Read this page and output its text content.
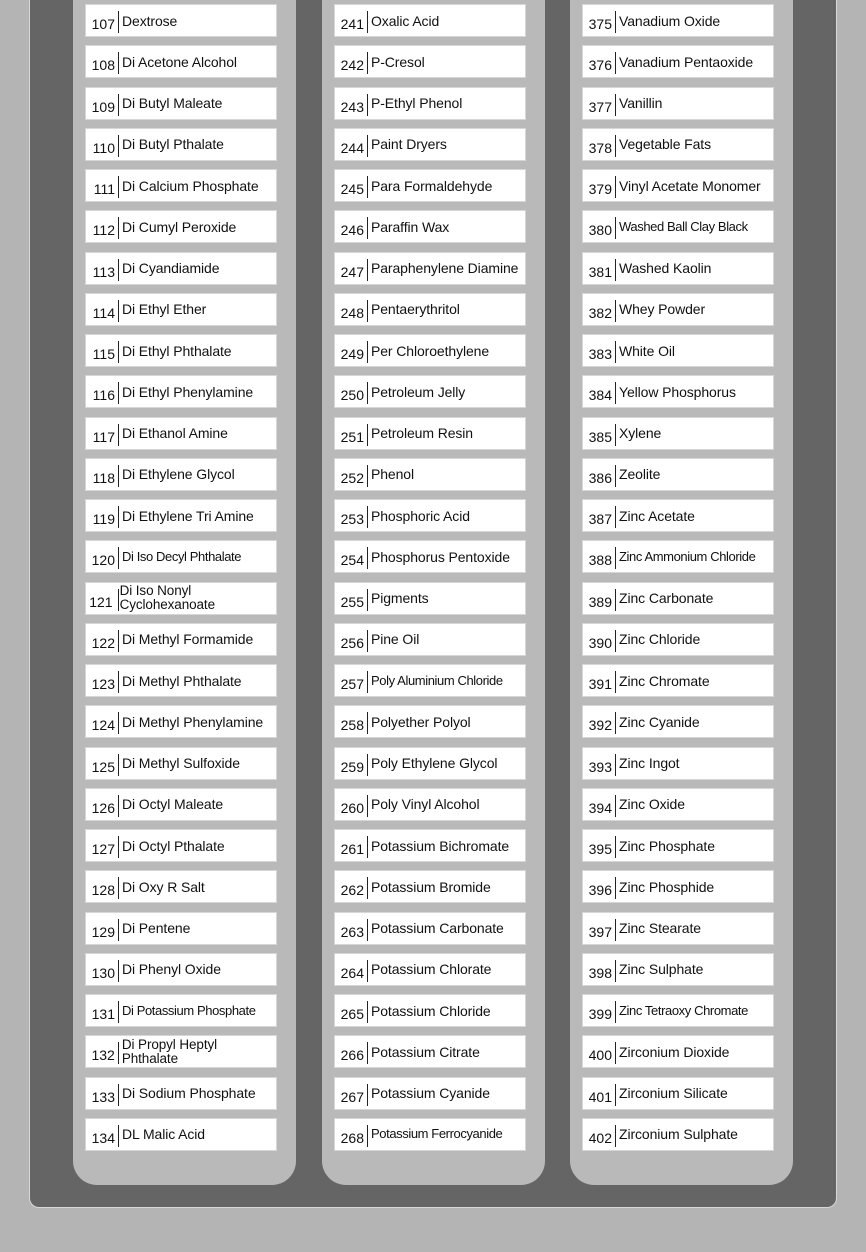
107 Dextrose
108 Di Acetone Alcohol
109 Di Butyl Maleate
110 Di Butyl Pthalate
111 Di Calcium Phosphate
112 Di Cumyl Peroxide
113 Di Cyandiamide
114 Di Ethyl Ether
115 Di Ethyl Phthalate
116 Di Ethyl Phenylamine
117 Di Ethanol Amine
118 Di Ethylene Glycol
119 Di Ethylene Tri Amine
120 Di Iso Decyl Phthalate
121
Di Iso Nonyl Cyclohexanoate
122 Di Methyl Formamide
123 Di Methyl Phthalate
124 Di Methyl Phenylamine
125 Di Methyl Sulfoxide
126 Di Octyl Maleate
127 Di Octyl Pthalate
128 Di Oxy R Salt
129 Di Pentene
130 Di Phenyl Oxide
131 Di Potassium Phosphate
132
Di Propyl Heptyl Phthalate
133 Di Sodium Phosphate
134 DL Malic Acid
241 Oxalic Acid
242 P-Cresol
243 P-Ethyl Phenol
244 Paint Dryers
245 Para Formaldehyde
246 Paraffin Wax
247 Paraphenylene Diamine
248 Pentaerythritol
249 Per Chloroethylene
250 Petroleum Jelly
251 Petroleum Resin
252 Phenol
253 Phosphoric Acid
254 Phosphorus Pentoxide
255 Pigments
256 Pine Oil
257 Poly Aluminium Chloride
258 Polyether Polyol
259 Poly Ethylene Glycol
260 Poly Vinyl Alcohol
261 Potassium Bichromate
262 Potassium Bromide
263 Potassium Carbonate
264 Potassium Chlorate
265 Potassium Chloride
266 Potassium Citrate
267 Potassium Cyanide
268 Potassium Ferrocyanide
375 Vanadium Oxide
376 Vanadium Pentaoxide
377 Vanillin
378 Vegetable Fats
379 Vinyl Acetate Monomer
380 Washed Ball Clay Black
381 Washed Kaolin
382 Whey Powder
383 White Oil
384 Yellow Phosphorus
385 Xylene
386 Zeolite
387 Zinc Acetate
388 Zinc Ammonium Chloride
389 Zinc Carbonate
390 Zinc Chloride
391 Zinc Chromate
392 Zinc Cyanide
393 Zinc Ingot
394 Zinc Oxide
395 Zinc Phosphate
396 Zinc Phosphide
397 Zinc Stearate
398 Zinc Sulphate
399 Zinc Tetraoxy Chromate
400 Zirconium Dioxide
401 Zirconium Silicate
402 Zirconium Sulphate
